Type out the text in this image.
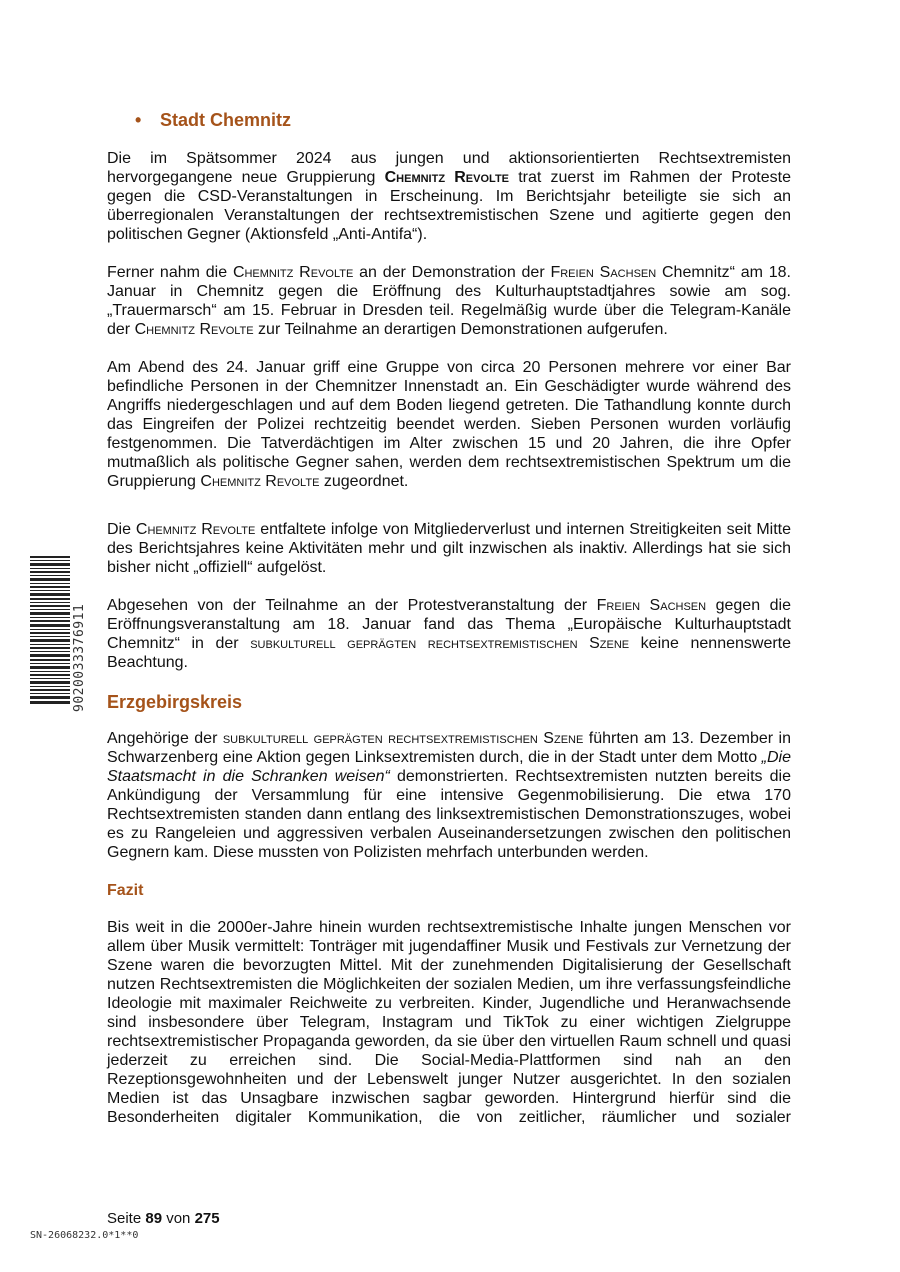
• Stadt Chemnitz

Die im Spätsommer 2024 aus jungen und aktionsorientierten Rechtsextremisten hervorgegangene neue Gruppierung Chemnitz Revolte trat zuerst im Rahmen der Proteste gegen die CSD-Veranstaltungen in Erscheinung. Im Berichtsjahr beteiligte sie sich an überregionalen Veranstaltungen der rechtsextremistischen Szene und agitierte gegen den politischen Gegner (Aktionsfeld „Anti-Antifa“).

Ferner nahm die Chemnitz Revolte an der Demonstration der Freien Sachsen Chemnitz“ am 18. Januar in Chemnitz gegen die Eröffnung des Kulturhauptstadtjahres sowie am sog. „Trauermarsch“ am 15. Februar in Dresden teil. Regelmäßig wurde über die Telegram-Kanäle der Chemnitz Revolte zur Teilnahme an derartigen Demonstrationen aufgerufen.

Am Abend des 24. Januar griff eine Gruppe von circa 20 Personen mehrere vor einer Bar befindliche Personen in der Chemnitzer Innenstadt an. Ein Geschädigter wurde während des Angriffs niedergeschlagen und auf dem Boden liegend getreten. Die Tathandlung konnte durch das Eingreifen der Polizei rechtzeitig beendet werden. Sieben Personen wurden vorläufig festgenommen. Die Tatverdächtigen im Alter zwischen 15 und 20 Jahren, die ihre Opfer mutmaßlich als politische Gegner sahen, werden dem rechtsextremistischen Spektrum um die Gruppierung Chemnitz Revolte zugeordnet.

Die Chemnitz Revolte entfaltete infolge von Mitgliederverlust und internen Streitigkeiten seit Mitte des Berichtsjahres keine Aktivitäten mehr und gilt inzwischen als inaktiv. Allerdings hat sie sich bisher nicht „offiziell“ aufgelöst.

Abgesehen von der Teilnahme an der Protestveranstaltung der Freien Sachsen gegen die Eröffnungsveranstaltung am 18. Januar fand das Thema „Europäische Kulturhauptstadt Chemnitz“ in der subkulturell geprägten rechtsextremistischen Szene keine nennenswerte Beachtung.

Erzgebirgskreis

Angehörige der subkulturell geprägten rechtsextremistischen Szene führten am 13. Dezember in Schwarzenberg eine Aktion gegen Linksextremisten durch, die in der Stadt unter dem Motto „Die Staatsmacht in die Schranken weisen“ demonstrierten. Rechtsextremisten nutzten bereits die Ankündigung der Versammlung für eine intensive Gegenmobilisierung. Die etwa 170 Rechtsextremisten standen dann entlang des linksextremistischen Demonstrationszuges, wobei es zu Rangeleien und aggressiven verbalen Auseinandersetzungen zwischen den politischen Gegnern kam. Diese mussten von Polizisten mehrfach unterbunden werden.

Fazit

Bis weit in die 2000er-Jahre hinein wurden rechtsextremistische Inhalte jungen Menschen vor allem über Musik vermittelt: Tonträger mit jugendaffiner Musik und Festivals zur Vernetzung der Szene waren die bevorzugten Mittel. Mit der zunehmenden Digitalisierung der Gesellschaft nutzen Rechtsextremisten die Möglichkeiten der sozialen Medien, um ihre verfassungsfeindliche Ideologie mit maximaler Reichweite zu verbreiten. Kinder, Jugendliche und Heranwachsende sind insbesondere über Telegram, Instagram und TikTok zu einer wichtigen Zielgruppe rechtsextremistischer Propaganda geworden, da sie über den virtuellen Raum schnell und quasi jederzeit zu erreichen sind. Die Social-Media-Plattformen sind nah an den Rezeptionsgewohnheiten und der Lebenswelt junger Nutzer ausgerichtet. In den sozialen Medien ist das Unsagbare inzwischen sagbar geworden. Hintergrund hierfür sind die Besonderheiten digitaler Kommunikation, die von zeitlicher, räumlicher und sozialer

9020033376911
Seite 89 von 275
SN-26068232.0*1**0
